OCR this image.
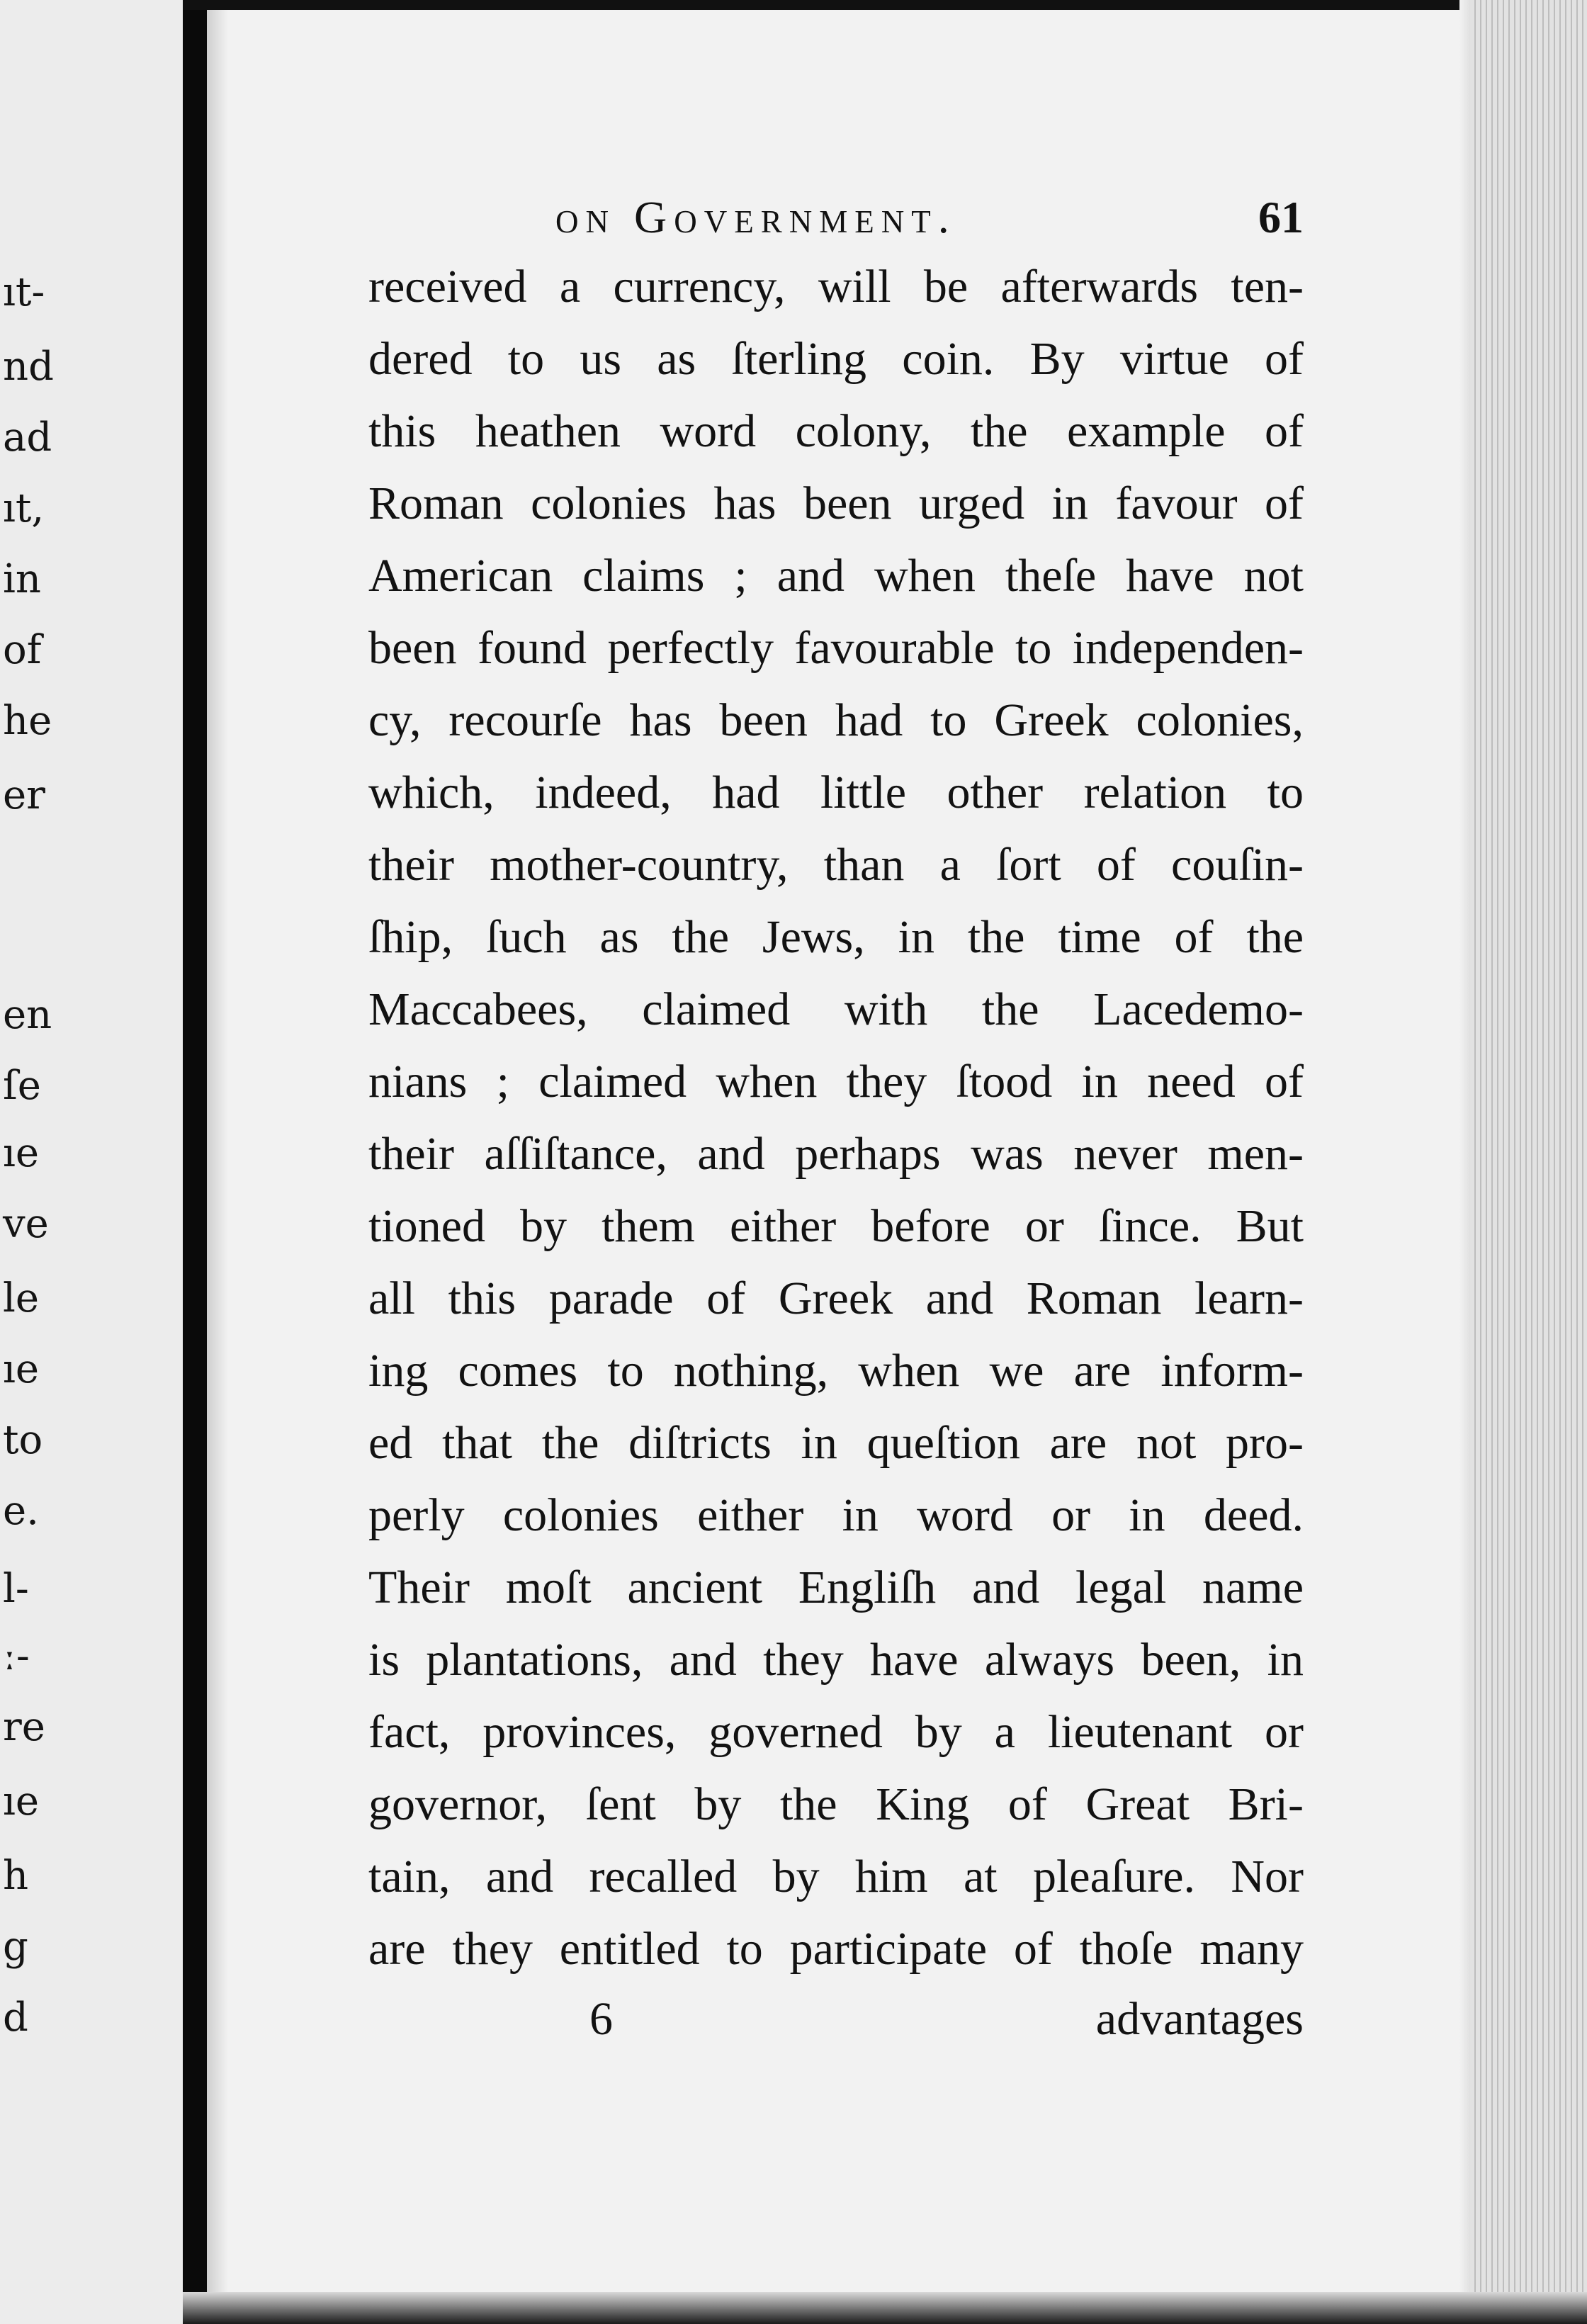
ıt-
nd
ad
ıt,
in
of
he
er
en
ſe
ıe
ve
le
ıe
to
e.
l-
ː-
re
ıe
h
g
d
on Government.	61
received a currency, will be afterwards ten-
dered to us as ſterling coin. By virtue of
this heathen word colony, the example of
Roman colonies has been urged in favour of
American claims ; and when theſe have not
been found perfectly favourable to independen-
cy, recourſe has been had to Greek colonies,
which, indeed, had little other relation to
their mother-country, than a ſort of couſin-
ſhip, ſuch as the Jews, in the time of the
Maccabees, claimed with the Lacedemo-
nians ; claimed when they ſtood in need of
their aſſiſtance, and perhaps was never men-
tioned by them either before or ſince. But
all this parade of Greek and Roman learn-
ing comes to nothing, when we are inform-
ed that the diſtricts in queſtion are not pro-
perly colonies either in word or in deed.
Their moſt ancient Engliſh and legal name
is plantations, and they have always been, in
fact, provinces, governed by a lieutenant or
governor, ſent by the King of Great Bri-
tain, and recalled by him at pleaſure. Nor
are they entitled to participate of thoſe many
6	advantages
